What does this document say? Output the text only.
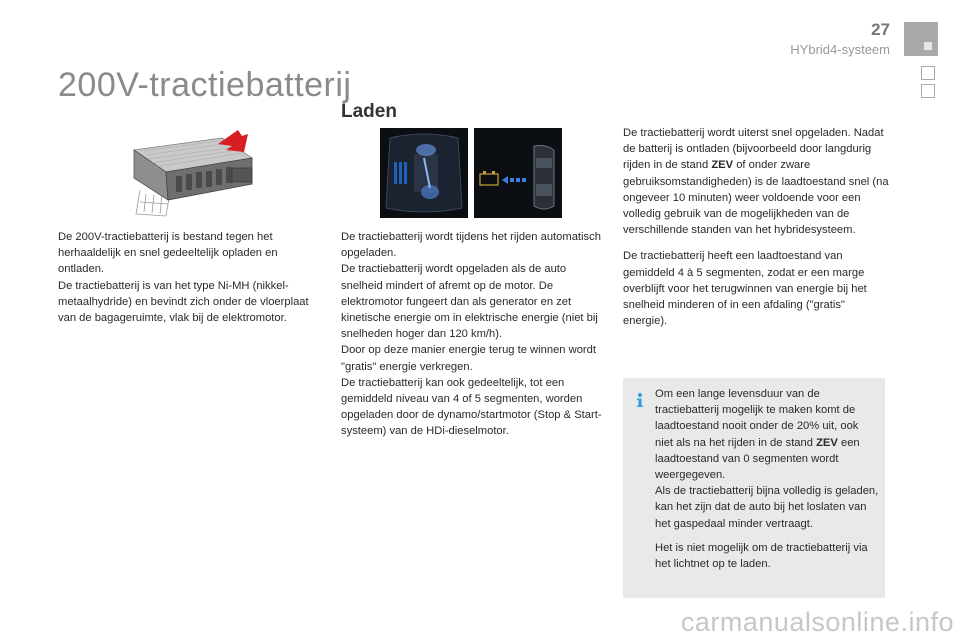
27
HYbrid4-systeem
200V-tractiebatterij
Laden

De 200V-tractiebatterij is bestand tegen het herhaaldelijk en snel gedeeltelijk opladen en ontladen.
De tractiebatterij is van het type Ni-MH (nikkel-metaalhydride) en bevindt zich onder de vloerplaat van de bagageruimte, vlak bij de elektromotor.

De tractiebatterij wordt tijdens het rijden automatisch opgeladen.
De tractiebatterij wordt opgeladen als de auto snelheid mindert of afremt op de motor. De elektromotor fungeert dan als generator en zet kinetische energie om in elektrische energie (niet bij snelheden hoger dan 120 km/h).
Door op deze manier energie terug te winnen wordt "gratis" energie verkregen.
De tractiebatterij kan ook gedeeltelijk, tot een gemiddeld niveau van 4 of 5 segmenten, worden opgeladen door de dynamo/startmotor (Stop & Start-systeem) van de HDi-dieselmotor.

De tractiebatterij wordt uiterst snel opgeladen. Nadat de batterij is ontladen (bijvoorbeeld door langdurig rijden in de stand ZEV of onder zware gebruiksomstandigheden) is de laadtoestand snel (na ongeveer 10 minuten) weer voldoende voor een volledig gebruik van de mogelijkheden van de verschillende standen van het hybridesysteem.

De tractiebatterij heeft een laadtoestand van gemiddeld 4 à 5 segmenten, zodat er een marge overblijft voor het terugwinnen van energie bij het snelheid minderen of in een afdaling ("gratis" energie).

Om een lange levensduur van de tractiebatterij mogelijk te maken komt de laadtoestand nooit onder de 20% uit, ook niet als na het rijden in de stand ZEV een laadtoestand van 0 segmenten wordt weergegeven.
Als de tractiebatterij bijna volledig is geladen, kan het zijn dat de auto bij het loslaten van het gaspedaal minder vertraagt.

Het is niet mogelijk om de tractiebatterij via het lichtnet op te laden.

carmanualsonline.info
